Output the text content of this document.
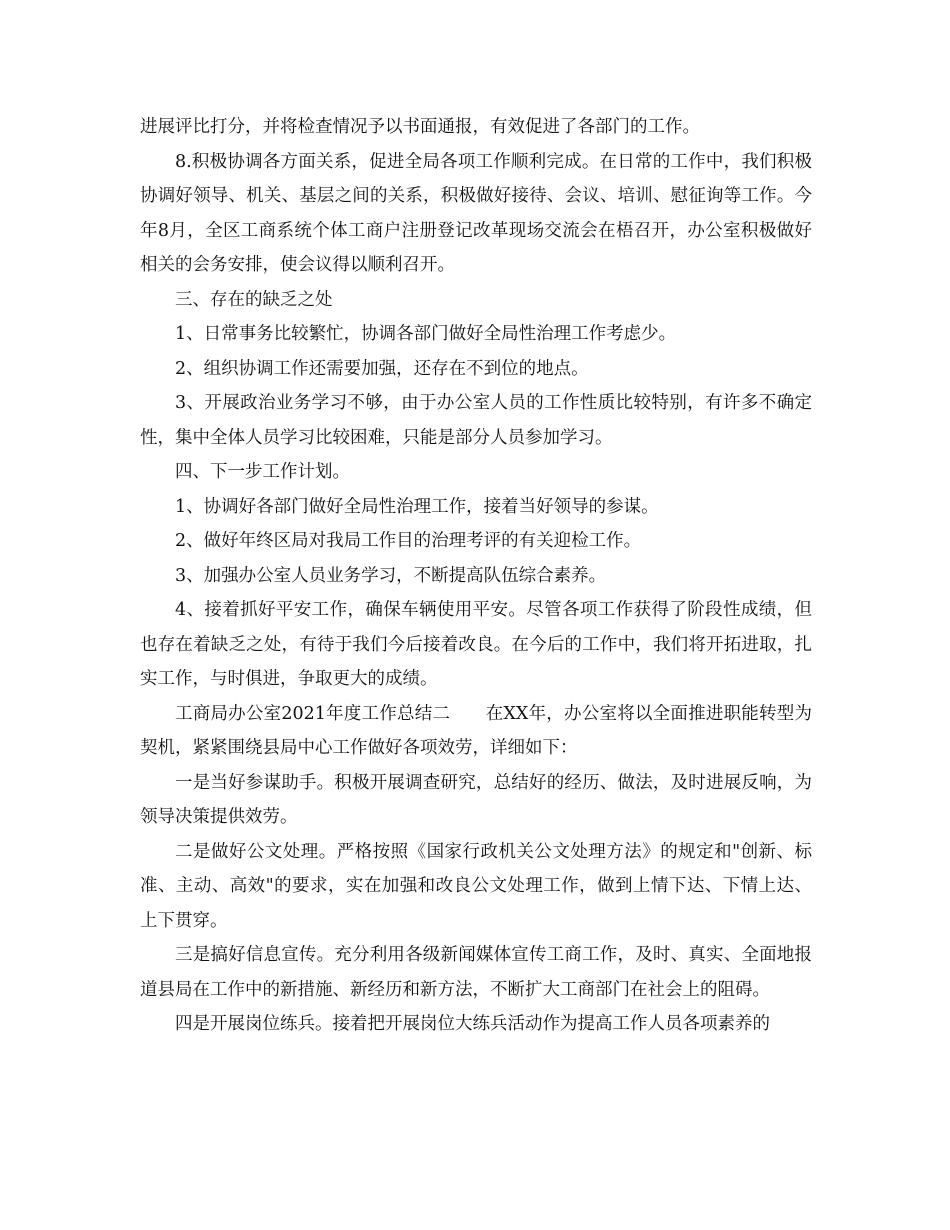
进展评比打分，并将检查情况予以书面通报，有效促进了各部门的工作。

8.积极协调各方面关系，促进全局各项工作顺利完成。在日常的工作中，我们积极协调好领导、机关、基层之间的关系，积极做好接待、会议、培训、慰征询等工作。今年8月，全区工商系统个体工商户注册登记改革现场交流会在梧召开，办公室积极做好相关的会务安排，使会议得以顺利召开。

三、存在的缺乏之处

1、日常事务比较繁忙，协调各部门做好全局性治理工作考虑少。

2、组织协调工作还需要加强，还存在不到位的地点。

3、开展政治业务学习不够，由于办公室人员的工作性质比较特别，有许多不确定性，集中全体人员学习比较困难，只能是部分人员参加学习。

四、下一步工作计划。

1、协调好各部门做好全局性治理工作，接着当好领导的参谋。

2、做好年终区局对我局工作目的治理考评的有关迎检工作。

3、加强办公室人员业务学习，不断提高队伍综合素养。

4、接着抓好平安工作，确保车辆使用平安。尽管各项工作获得了阶段性成绩，但也存在着缺乏之处，有待于我们今后接着改良。在今后的工作中，我们将开拓进取，扎实工作，与时俱进，争取更大的成绩。

工商局办公室2021年度工作总结二　　在XX年，办公室将以全面推进职能转型为契机，紧紧围绕县局中心工作做好各项效劳，详细如下：

一是当好参谋助手。积极开展调查研究，总结好的经历、做法，及时进展反响，为领导决策提供效劳。

二是做好公文处理。严格按照《国家行政机关公文处理方法》的规定和"创新、标准、主动、高效"的要求，实在加强和改良公文处理工作，做到上情下达、下情上达、上下贯穿。

三是搞好信息宣传。充分利用各级新闻媒体宣传工商工作，及时、真实、全面地报道县局在工作中的新措施、新经历和新方法，不断扩大工商部门在社会上的阻碍。

四是开展岗位练兵。接着把开展岗位大练兵活动作为提高工作人员各项素养的
